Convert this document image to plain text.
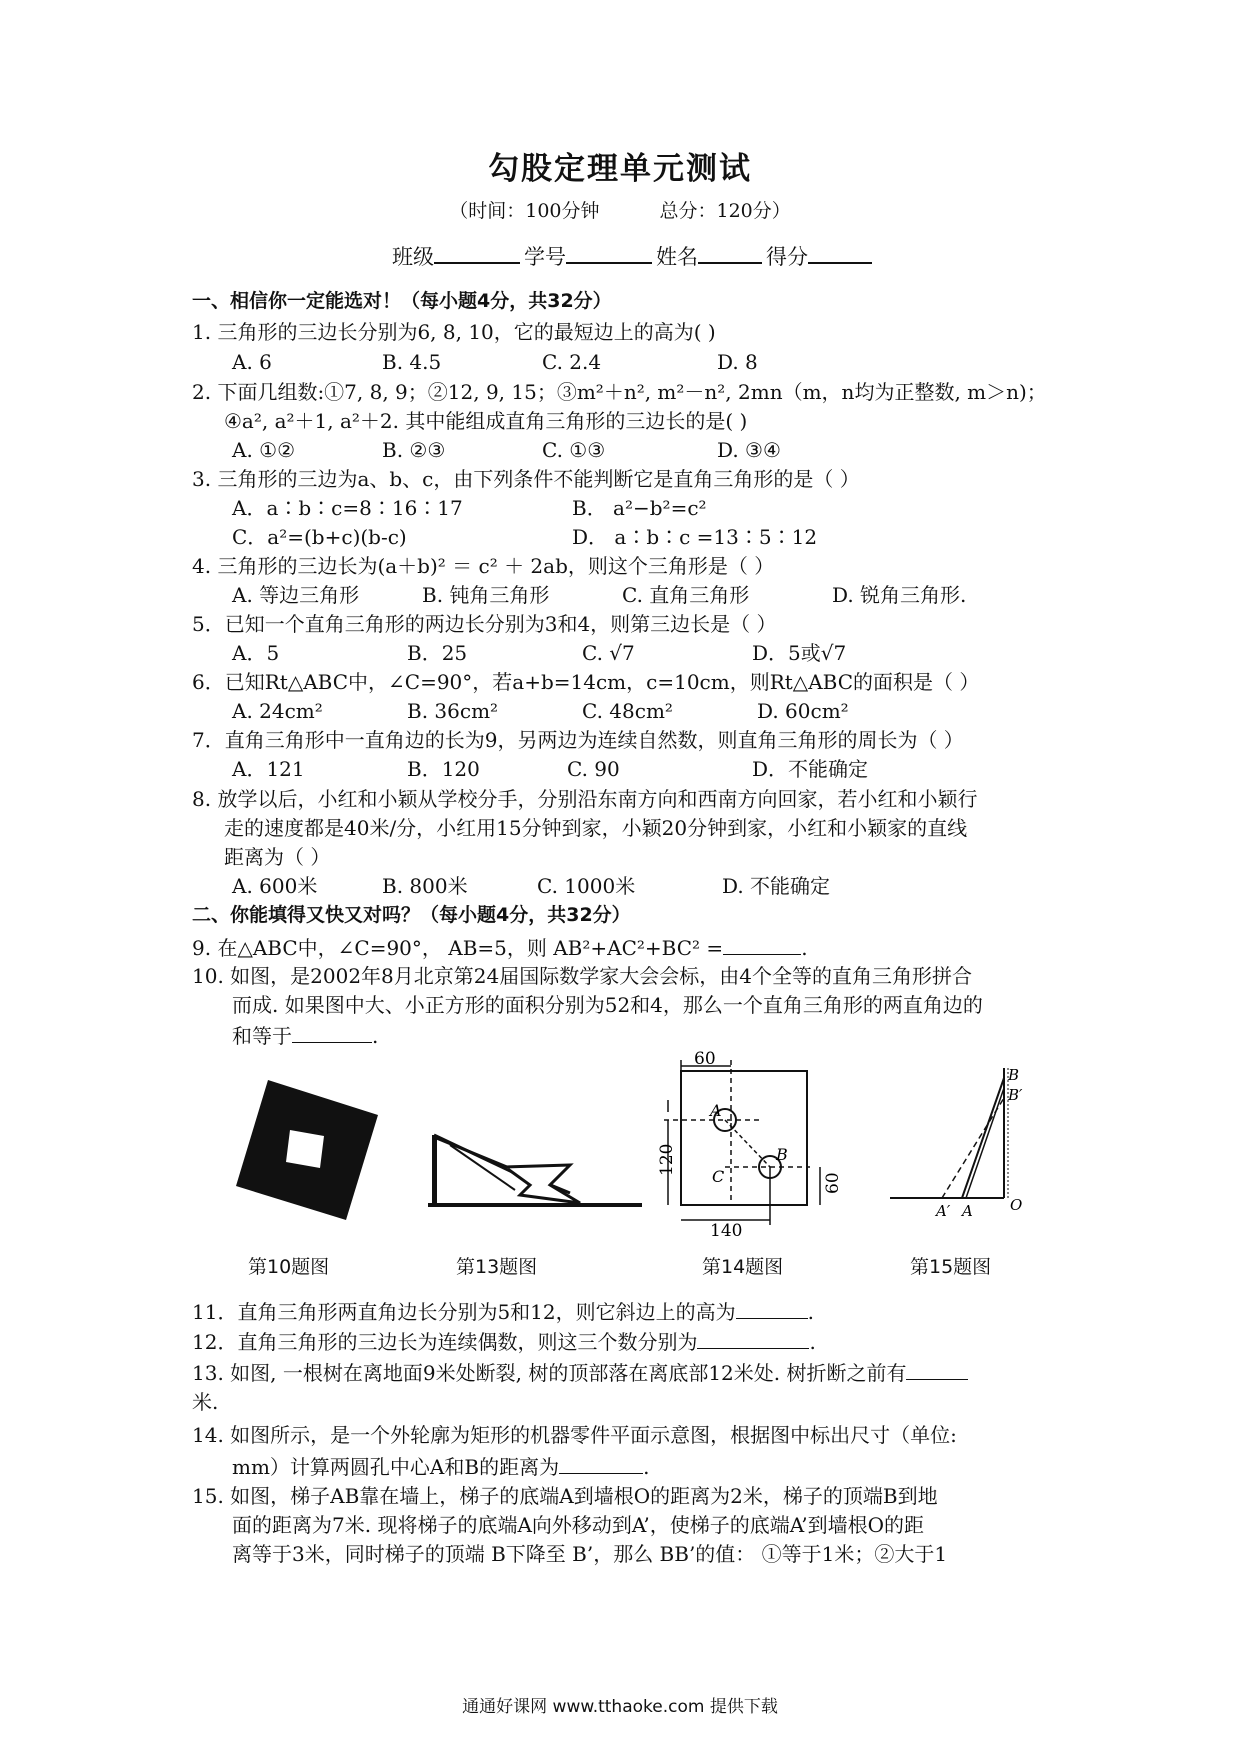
勾股定理单元测试
（时间：100分钟	总分：120分）
班级	学号	姓名	得分
一、相信你一定能选对！（每小题4分，共32分）
1. 三角形的三边长分别为6, 8, 10，它的最短边上的高为( )
A. 6	B. 4.5	C. 2.4	D. 8
2. 下面几组数:①7, 8, 9；②12, 9, 15；③m²＋n², m²－n², 2mn（m，n均为正整数, m＞n)；
④a², a²＋1, a²＋2. 其中能组成直角三角形的三边长的是( )
A. ①②	B. ②③	C. ①③	D. ③④
3. 三角形的三边为a、b、c，由下列条件不能判断它是直角三角形的是（ ）
A．a∶b∶c=8∶16∶17	B． a²−b²=c²
C．a²=(b+c)(b-c)	D． a∶b∶c =13∶5∶12
4. 三角形的三边长为(a＋b)² ＝ c² ＋ 2ab，则这个三角形是（ ）
A. 等边三角形	B. 钝角三角形	C. 直角三角形	D. 锐角三角形.
5．已知一个直角三角形的两边长分别为3和4，则第三边长是（ ）
A．5	B．25	C. √7	D．5或√7
6．已知Rt△ABC中，∠C=90°，若a+b=14cm，c=10cm，则Rt△ABC的面积是（ ）
A. 24cm²	B. 36cm²	C. 48cm²	D. 60cm²
7．直角三角形中一直角边的长为9，另两边为连续自然数，则直角三角形的周长为（ ）
A．121	B．120	C. 90	D．不能确定
8. 放学以后，小红和小颖从学校分手，分别沿东南方向和西南方向回家，若小红和小颖行
走的速度都是40米/分，小红用15分钟到家，小颖20分钟到家，小红和小颖家的直线
距离为（ ）
A. 600米	B. 800米	C. 1000米	D. 不能确定
二、你能填得又快又对吗？（每小题4分，共32分）
9. 在△ABC中，∠C=90°， AB=5，则 AB²+AC²+BC² =	.
10. 如图，是2002年8月北京第24届国际数学家大会会标，由4个全等的直角三角形拼合
而成. 如果图中大、小正方形的面积分别为52和4，那么一个直角三角形的两直角边的
和等于	.
60
120
A
B
C
140
60
B
B′
A
A′	O
第10题图	第13题图	第14题图	第15题图
11．直角三角形两直角边长分别为5和12，则它斜边上的高为	.
12．直角三角形的三边长为连续偶数，则这三个数分别为	.
13. 如图, 一根树在离地面9米处断裂, 树的顶部落在离底部12米处. 树折断之前有
米.
14. 如图所示，是一个外轮廓为矩形的机器零件平面示意图，根据图中标出尺寸（单位:
mm）计算两圆孔中心A和B的距离为	.
15. 如图，梯子AB靠在墙上，梯子的底端A到墙根O的距离为2米，梯子的顶端B到地
面的距离为7米. 现将梯子的底端A向外移动到A’，使梯子的底端A’到墙根O的距
离等于3米，同时梯子的顶端 B下降至 B’，那么 BB’的值： ①等于1米；②大于1
通通好课网 www.tthaoke.com 提供下载
